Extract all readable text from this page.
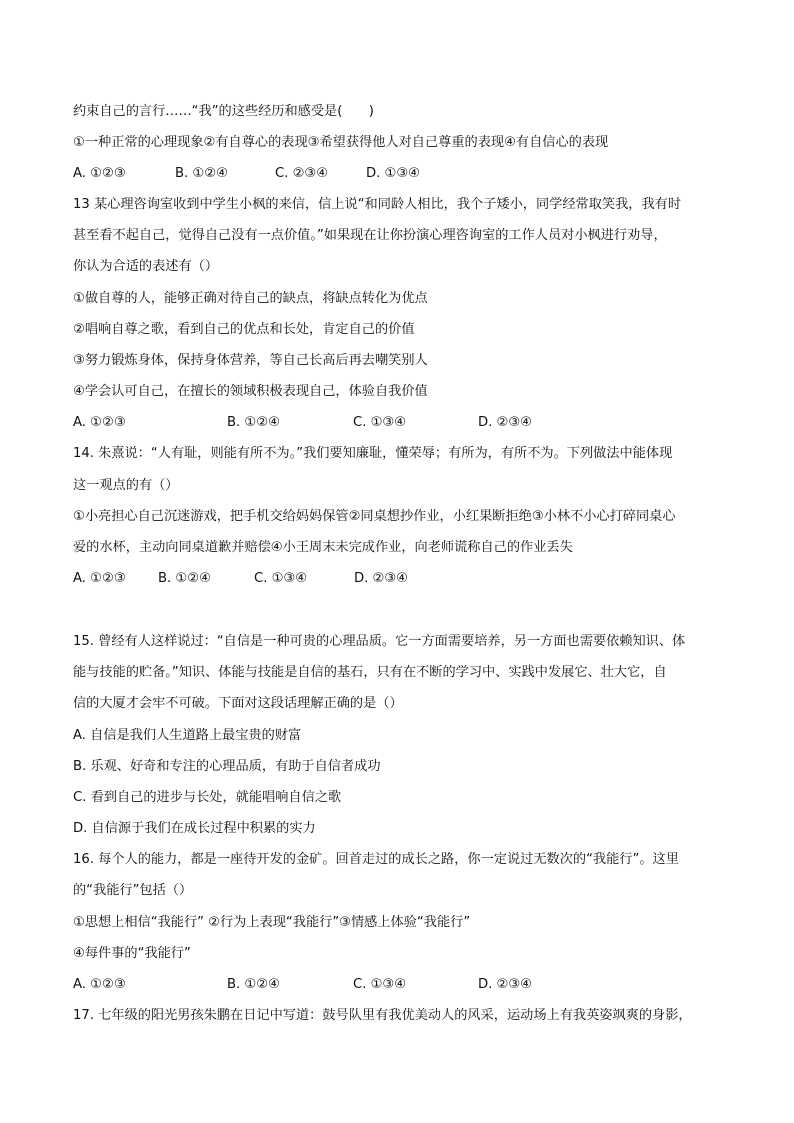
约束自己的言行……“我”的这些经历和感受是(　　)
①一种正常的心理现象②有自尊心的表现③希望获得他人对自己尊重的表现④有自信心的表现
A. ①②③	B. ①②④	C. ②③④	D. ①③④
13 某心理咨询室收到中学生小枫的来信，信上说“和同龄人相比，我个子矮小，同学经常取笑我，我有时
甚至看不起自己，觉得自己没有一点价值。”如果现在让你扮演心理咨询室的工作人员对小枫进行劝导，
你认为合适的表述有（）
①做自尊的人，能够正确对待自己的缺点，将缺点转化为优点
②唱响自尊之歌，看到自己的优点和长处，肯定自己的价值
③努力锻炼身体，保持身体营养，等自己长高后再去嘲笑别人
④学会认可自己，在擅长的领域积极表现自己，体验自我价值
A. ①②③	B. ①②④	C. ①③④	D. ②③④
14. 朱熹说：“人有耻，则能有所不为。”我们要知廉耻，懂荣辱；有所为，有所不为。下列做法中能体现
这一观点的有（）
①小亮担心自己沉迷游戏，把手机交给妈妈保管②同桌想抄作业，小红果断拒绝③小林不小心打碎同桌心
爱的水杯，主动向同桌道歉并赔偿④小王周末未完成作业，向老师谎称自己的作业丢失
A. ①②③ B. ①②④	C. ①③④	D. ②③④
15. 曾经有人这样说过：“自信是一种可贵的心理品质。它一方面需要培养，另一方面也需要依赖知识、体
能与技能的贮备。”知识、体能与技能是自信的基石，只有在不断的学习中、实践中发展它、壮大它，自
信的大厦才会牢不可破。下面对这段话理解正确的是（）
A. 自信是我们人生道路上最宝贵的财富
B. 乐观、好奇和专注的心理品质，有助于自信者成功
C. 看到自己的进步与长处，就能唱响自信之歌
D. 自信源于我们在成长过程中积累的实力
16. 每个人的能力，都是一座待开发的金矿。回首走过的成长之路，你一定说过无数次的“我能行”。这里
的“我能行”包括（）
①思想上相信“我能行” ②行为上表现“我能行”③情感上体验“我能行”
④每件事的“我能行”
A. ①②③	B. ①②④	C. ①③④	D. ②③④
17. 七年级的阳光男孩朱鹏在日记中写道：鼓号队里有我优美动人的风采，运动场上有我英姿飒爽的身影，
